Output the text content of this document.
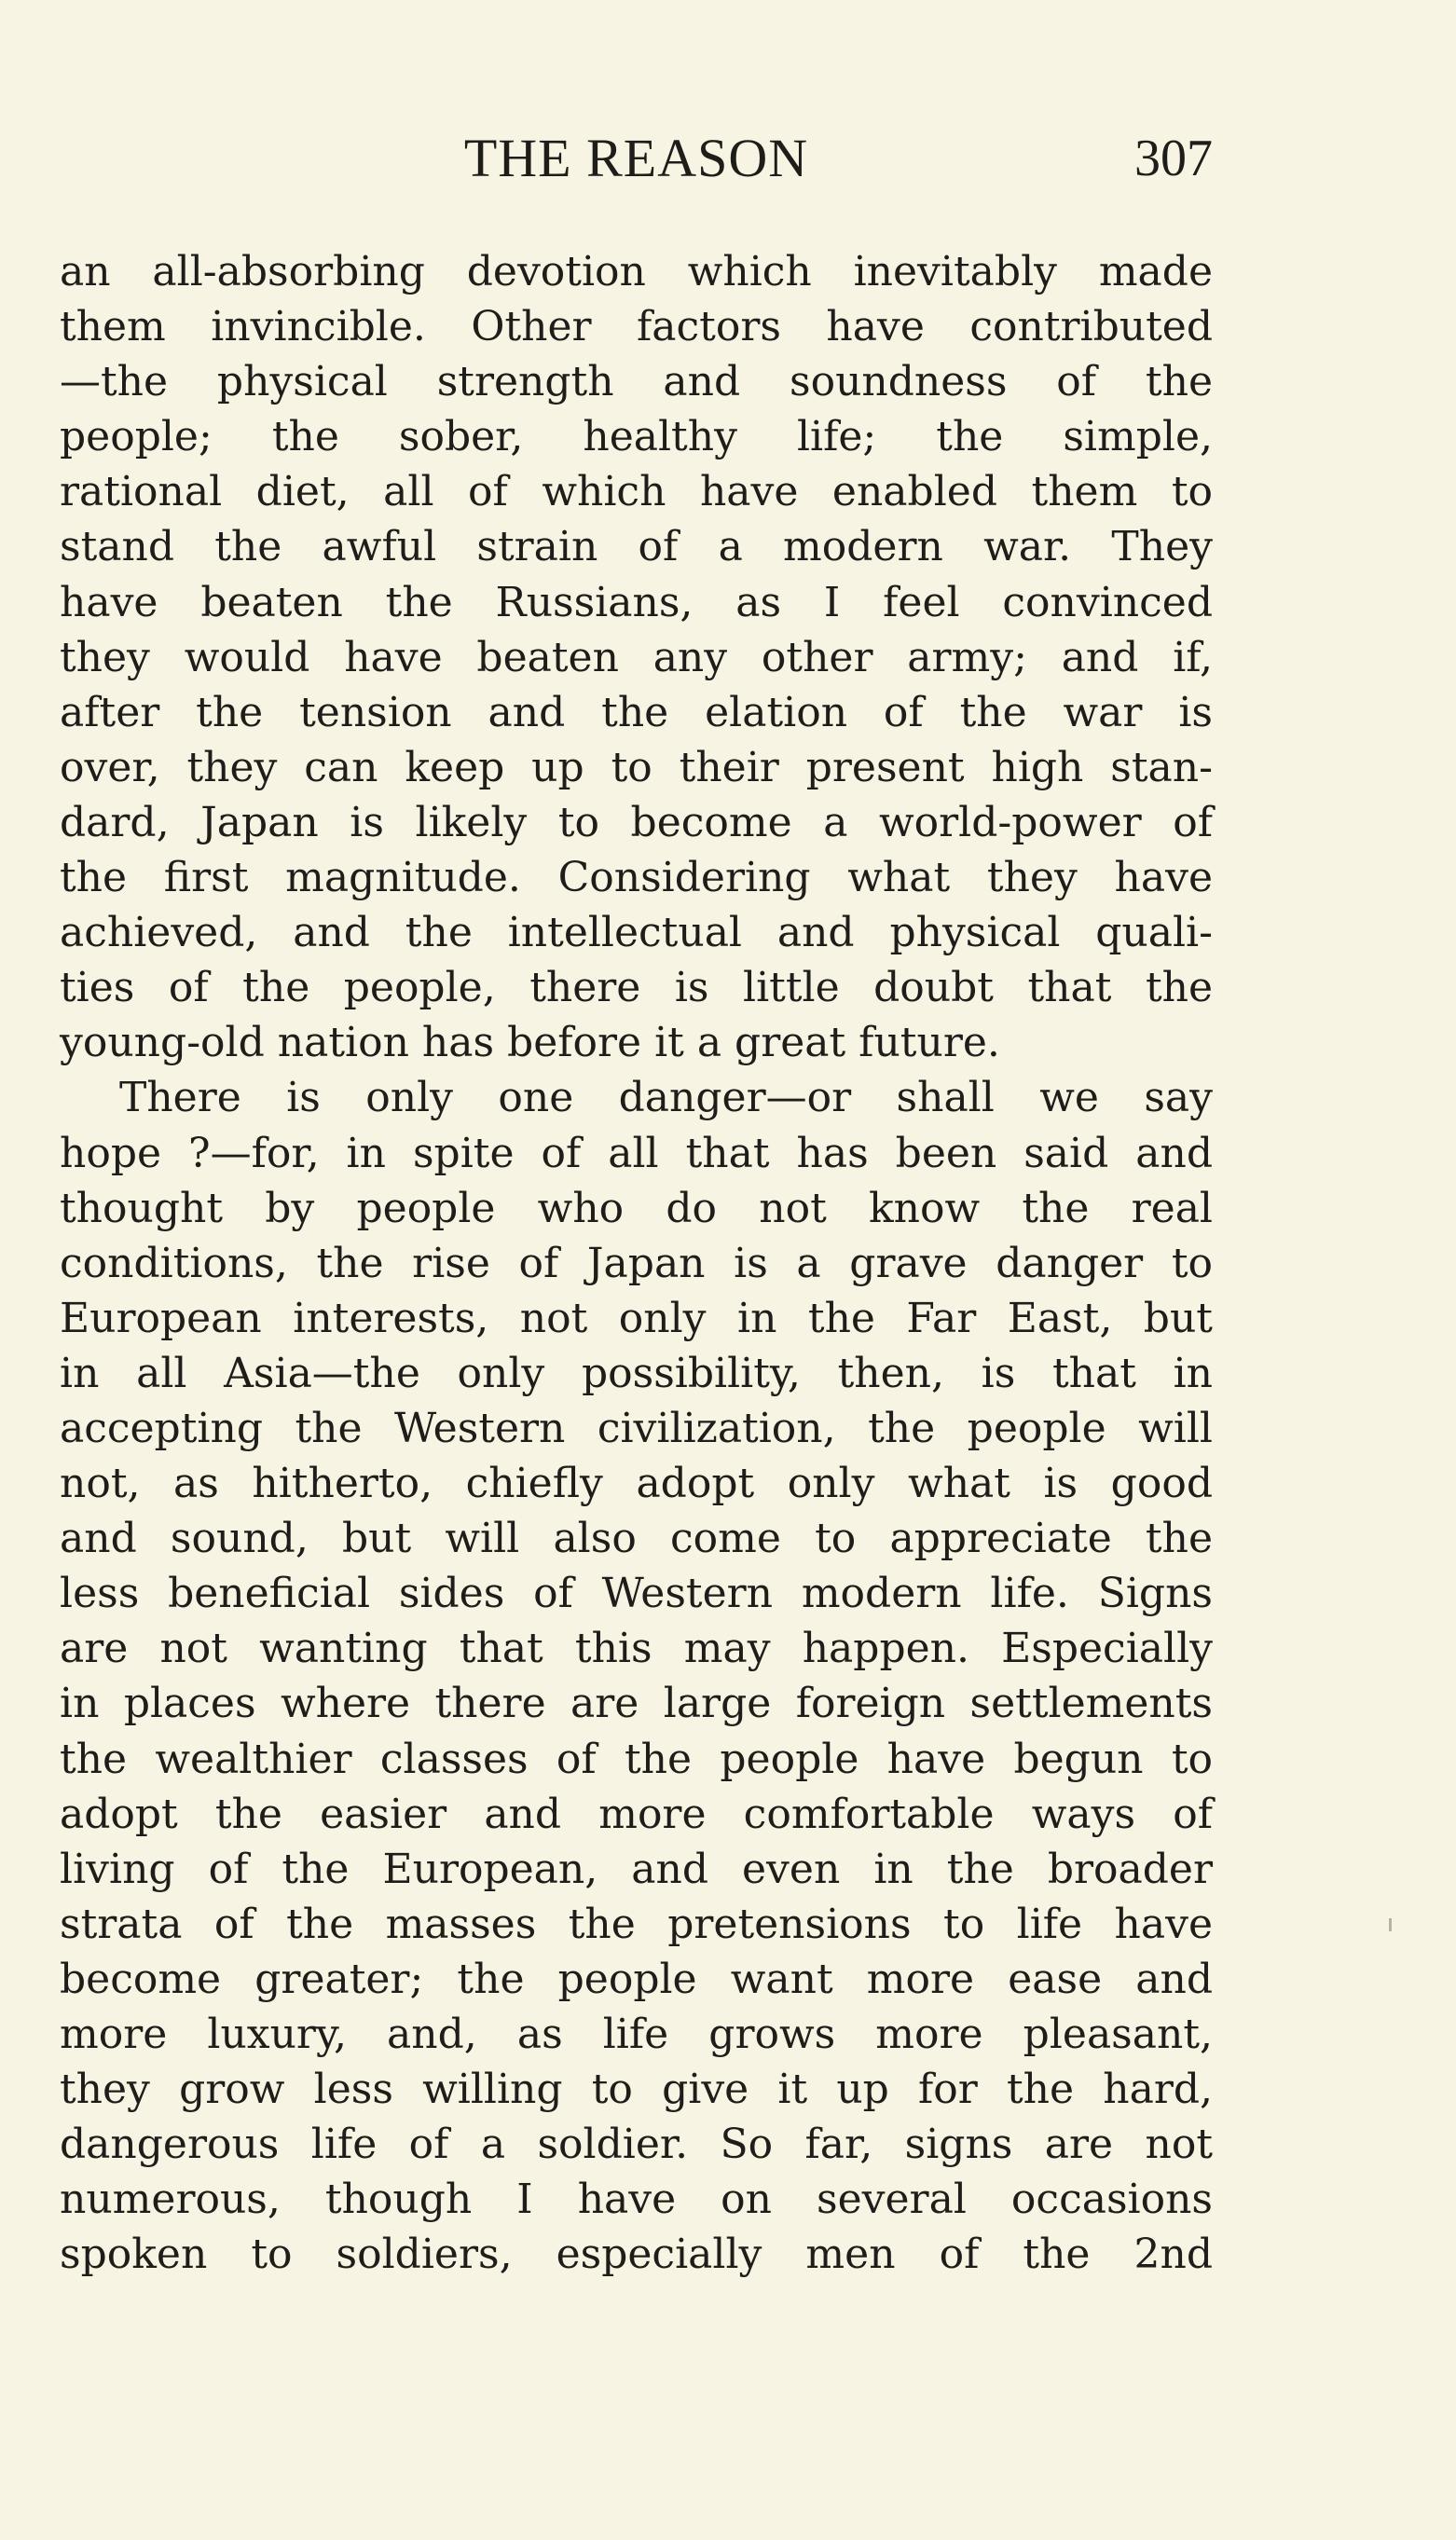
THE REASON	307
an all-absorbing devotion which inevitably made
them invincible. Other factors have contributed
—the physical strength and soundness of the
people; the sober, healthy life; the simple,
rational diet, all of which have enabled them to
stand the awful strain of a modern war. They
have beaten the Russians, as I feel convinced
they would have beaten any other army; and if,
after the tension and the elation of the war is
over, they can keep up to their present high stan-
dard, Japan is likely to become a world-power of
the first magnitude. Considering what they have
achieved, and the intellectual and physical quali-
ties of the people, there is little doubt that the
young-old nation has before it a great future.
There is only one danger—or shall we say
hope ?—for, in spite of all that has been said and
thought by people who do not know the real
conditions, the rise of Japan is a grave danger to
European interests, not only in the Far East, but
in all Asia—the only possibility, then, is that in
accepting the Western civilization, the people will
not, as hitherto, chiefly adopt only what is good
and sound, but will also come to appreciate the
less beneficial sides of Western modern life. Signs
are not wanting that this may happen. Especially
in places where there are large foreign settlements
the wealthier classes of the people have begun to
adopt the easier and more comfortable ways of
living of the European, and even in the broader
strata of the masses the pretensions to life have
become greater; the people want more ease and
more luxury, and, as life grows more pleasant,
they grow less willing to give it up for the hard,
dangerous life of a soldier. So far, signs are not
numerous, though I have on several occasions
spoken to soldiers, especially men of the 2nd
